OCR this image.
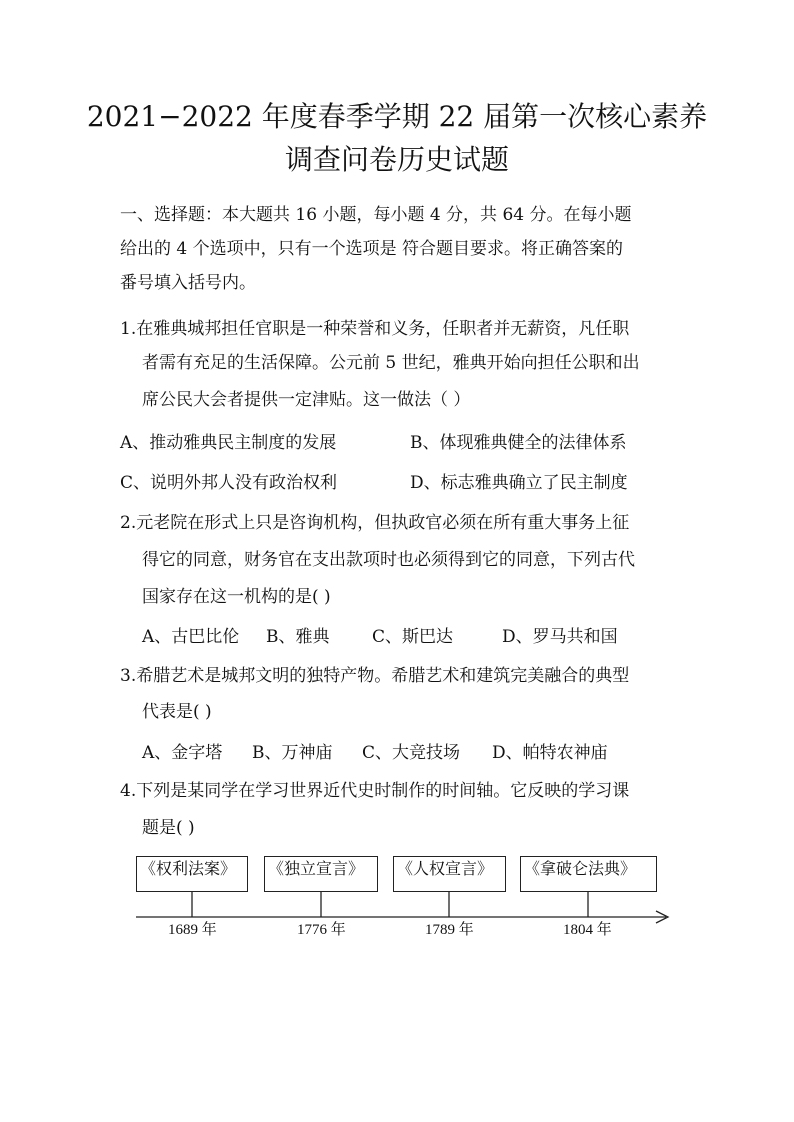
2021−2022 年度春季学期 22 届第一次核心素养
调查问卷历史试题
一、选择题：本大题共 16 小题，每小题 4 分，共 64 分。在每小题
给出的 4 个选项中，只有一个选项是 符合题目要求。将正确答案的
番号填入括号内。
1.在雅典城邦担任官职是一种荣誉和义务，任职者并无薪资，凡任职
者需有充足的生活保障。公元前 5 世纪，雅典开始向担任公职和出
席公民大会者提供一定津贴。这一做法（ ）
A、推动雅典民主制度的发展	B、体现雅典健全的法律体系
C、说明外邦人没有政治权利	D、标志雅典确立了民主制度
2.元老院在形式上只是咨询机构，但执政官必须在所有重大事务上征
得它的同意，财务官在支出款项时也必须得到它的同意，下列古代
国家存在这一机构的是( )
A、古巴比伦 B、雅典	C、斯巴达	D、罗马共和国
3.希腊艺术是城邦文明的独特产物。希腊艺术和建筑完美融合的典型
代表是( )
A、金字塔 B、万神庙 C、大竞技场 D、帕特农神庙
4.下列是某同学在学习世界近代史时制作的时间轴。它反映的学习课
题是( )
《权利法案》 《独立宣言》 《人权宣言》 《拿破仑法典》
1689 年	1776 年	1789 年	1804 年
